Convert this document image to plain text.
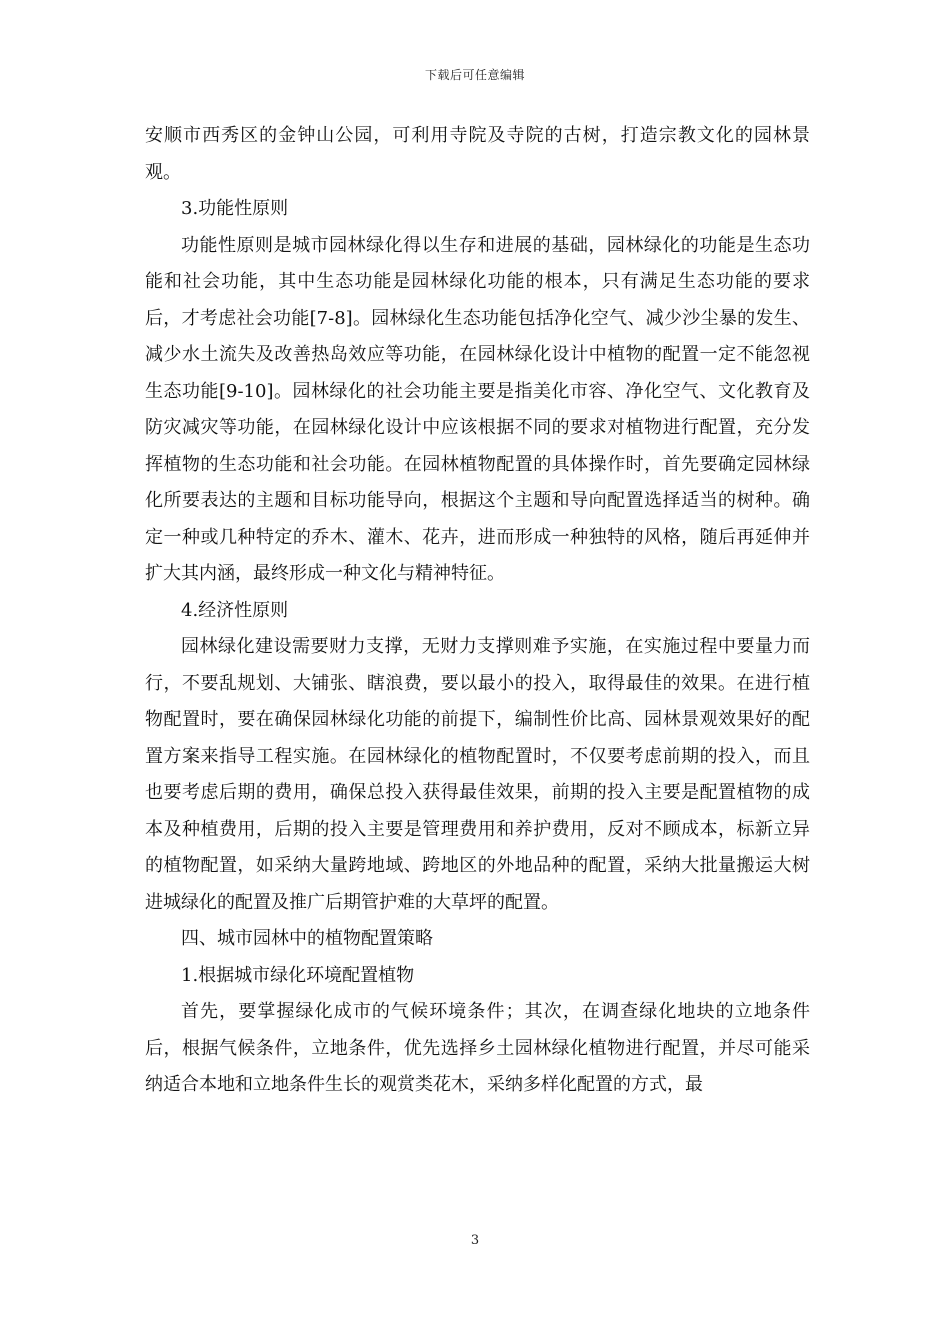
下载后可任意编辑

安顺市西秀区的金钟山公园，可利用寺院及寺院的古树，打造宗教文化的园林景观。

3.功能性原则

功能性原则是城市园林绿化得以生存和进展的基础，园林绿化的功能是生态功能和社会功能，其中生态功能是园林绿化功能的根本，只有满足生态功能的要求后，才考虑社会功能[7-8]。园林绿化生态功能包括净化空气、减少沙尘暴的发生、减少水土流失及改善热岛效应等功能，在园林绿化设计中植物的配置一定不能忽视生态功能[9-10]。园林绿化的社会功能主要是指美化市容、净化空气、文化教育及防灾减灾等功能，在园林绿化设计中应该根据不同的要求对植物进行配置，充分发挥植物的生态功能和社会功能。在园林植物配置的具体操作时，首先要确定园林绿化所要表达的主题和目标功能导向，根据这个主题和导向配置选择适当的树种。确定一种或几种特定的乔木、灌木、花卉，进而形成一种独特的风格，随后再延伸并扩大其内涵，最终形成一种文化与精神特征。

4.经济性原则

园林绿化建设需要财力支撑，无财力支撑则难予实施，在实施过程中要量力而行，不要乱规划、大铺张、瞎浪费，要以最小的投入，取得最佳的效果。在进行植物配置时，要在确保园林绿化功能的前提下，编制性价比高、园林景观效果好的配置方案来指导工程实施。在园林绿化的植物配置时，不仅要考虑前期的投入，而且也要考虑后期的费用，确保总投入获得最佳效果，前期的投入主要是配置植物的成本及种植费用，后期的投入主要是管理费用和养护费用，反对不顾成本，标新立异的植物配置，如采纳大量跨地域、跨地区的外地品种的配置，采纳大批量搬运大树进城绿化的配置及推广后期管护难的大草坪的配置。

四、城市园林中的植物配置策略

1.根据城市绿化环境配置植物

首先，要掌握绿化成市的气候环境条件；其次，在调查绿化地块的立地条件后，根据气候条件，立地条件，优先选择乡土园林绿化植物进行配置，并尽可能采纳适合本地和立地条件生长的观赏类花木，采纳多样化配置的方式，最

3
